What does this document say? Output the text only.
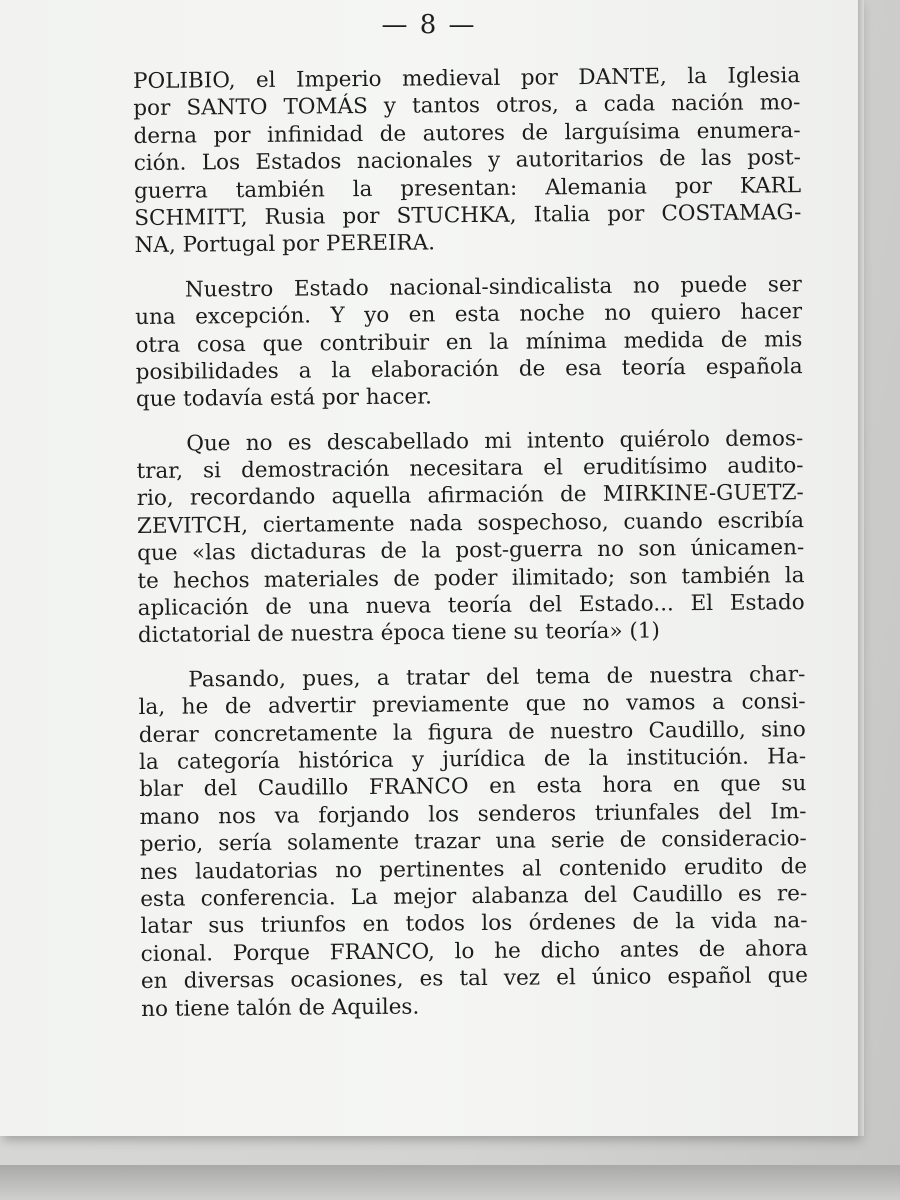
— 8 —
POLIBIO, el Imperio medieval por DANTE, la Iglesia
por SANTO TOMÁS y tantos otros, a cada nación mo-
derna por infinidad de autores de larguísima enumera-
ción. Los Estados nacionales y autoritarios de las post-
guerra también la presentan: Alemania por KARL
SCHMITT, Rusia por STUCHKA, Italia por COSTAMAG-
NA, Portugal por PEREIRA.
Nuestro Estado nacional-sindicalista no puede ser
una excepción. Y yo en esta noche no quiero hacer
otra cosa que contribuir en la mínima medida de mis
posibilidades a la elaboración de esa teoría española
que todavía está por hacer.
Que no es descabellado mi intento quiérolo demos-
trar, si demostración necesitara el eruditísimo audito-
rio, recordando aquella afirmación de MIRKINE-GUETZ-
ZEVITCH, ciertamente nada sospechoso, cuando escribía
que «las dictaduras de la post-guerra no son únicamen-
te hechos materiales de poder ilimitado; son también la
aplicación de una nueva teoría del Estado... El Estado
dictatorial de nuestra época tiene su teoría» (1)
Pasando, pues, a tratar del tema de nuestra char-
la, he de advertir previamente que no vamos a consi-
derar concretamente la figura de nuestro Caudillo, sino
la categoría histórica y jurídica de la institución. Ha-
blar del Caudillo FRANCO en esta hora en que su
mano nos va forjando los senderos triunfales del Im-
perio, sería solamente trazar una serie de consideracio-
nes laudatorias no pertinentes al contenido erudito de
esta conferencia. La mejor alabanza del Caudillo es re-
latar sus triunfos en todos los órdenes de la vida na-
cional. Porque FRANCO, lo he dicho antes de ahora
en diversas ocasiones, es tal vez el único español que
no tiene talón de Aquiles.
